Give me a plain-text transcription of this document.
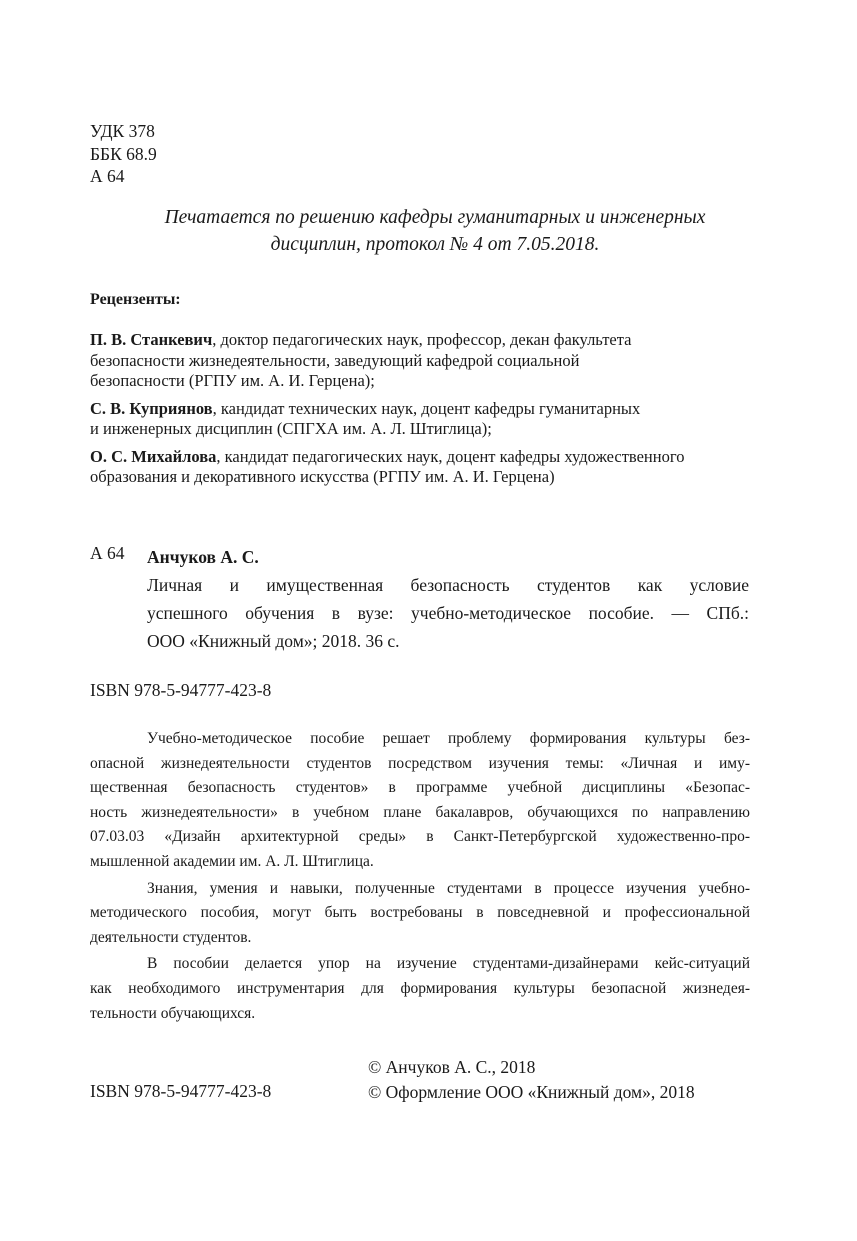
УДК 378
ББК 68.9
А 64
Печатается по решению кафедры гуманитарных и инженерных
дисциплин, протокол № 4 от 7.05.2018.
Рецензенты:
П. В. Станкевич, доктор педагогических наук, профессор, декан факультета
безопасности жизнедеятельности, заведующий кафедрой социальной
безопасности (РГПУ им. А. И. Герцена);
С. В. Куприянов, кандидат технических наук, доцент кафедры гуманитарных
и инженерных дисциплин (СПГХА им. А. Л. Штиглица);
О. С. Михайлова, кандидат педагогических наук, доцент кафедры художественного
образования и декоративного искусства (РГПУ им. А. И. Герцена)
А 64 Анчуков А. С.
Личная и имущественная безопасность студентов как условие
успешного обучения в вузе: учебно-методическое пособие. — СПб.:
ООО «Книжный дом»; 2018. 36 с.
ISBN 978-5-94777-423-8
Учебно-методическое пособие решает проблему формирования культуры без-
опасной жизнедеятельности студентов посредством изучения темы: «Личная и иму-
щественная безопасность студентов» в программе учебной дисциплины «Безопас-
ность жизнедеятельности» в учебном плане бакалавров, обучающихся по направлению
07.03.03 «Дизайн архитектурной среды» в Санкт-Петербургской художественно-про-
мышленной академии им. А. Л. Штиглица.
Знания, умения и навыки, полученные студентами в процессе изучения учебно-
методического пособия, могут быть востребованы в повседневной и профессиональной
деятельности студентов.
В пособии делается упор на изучение студентами-дизайнерами кейс-ситуаций
как необходимого инструментария для формирования культуры безопасной жизнедея-
тельности обучающихся.
© Анчуков А. С., 2018
© Оформление ООО «Книжный дом», 2018
ISBN 978-5-94777-423-8
